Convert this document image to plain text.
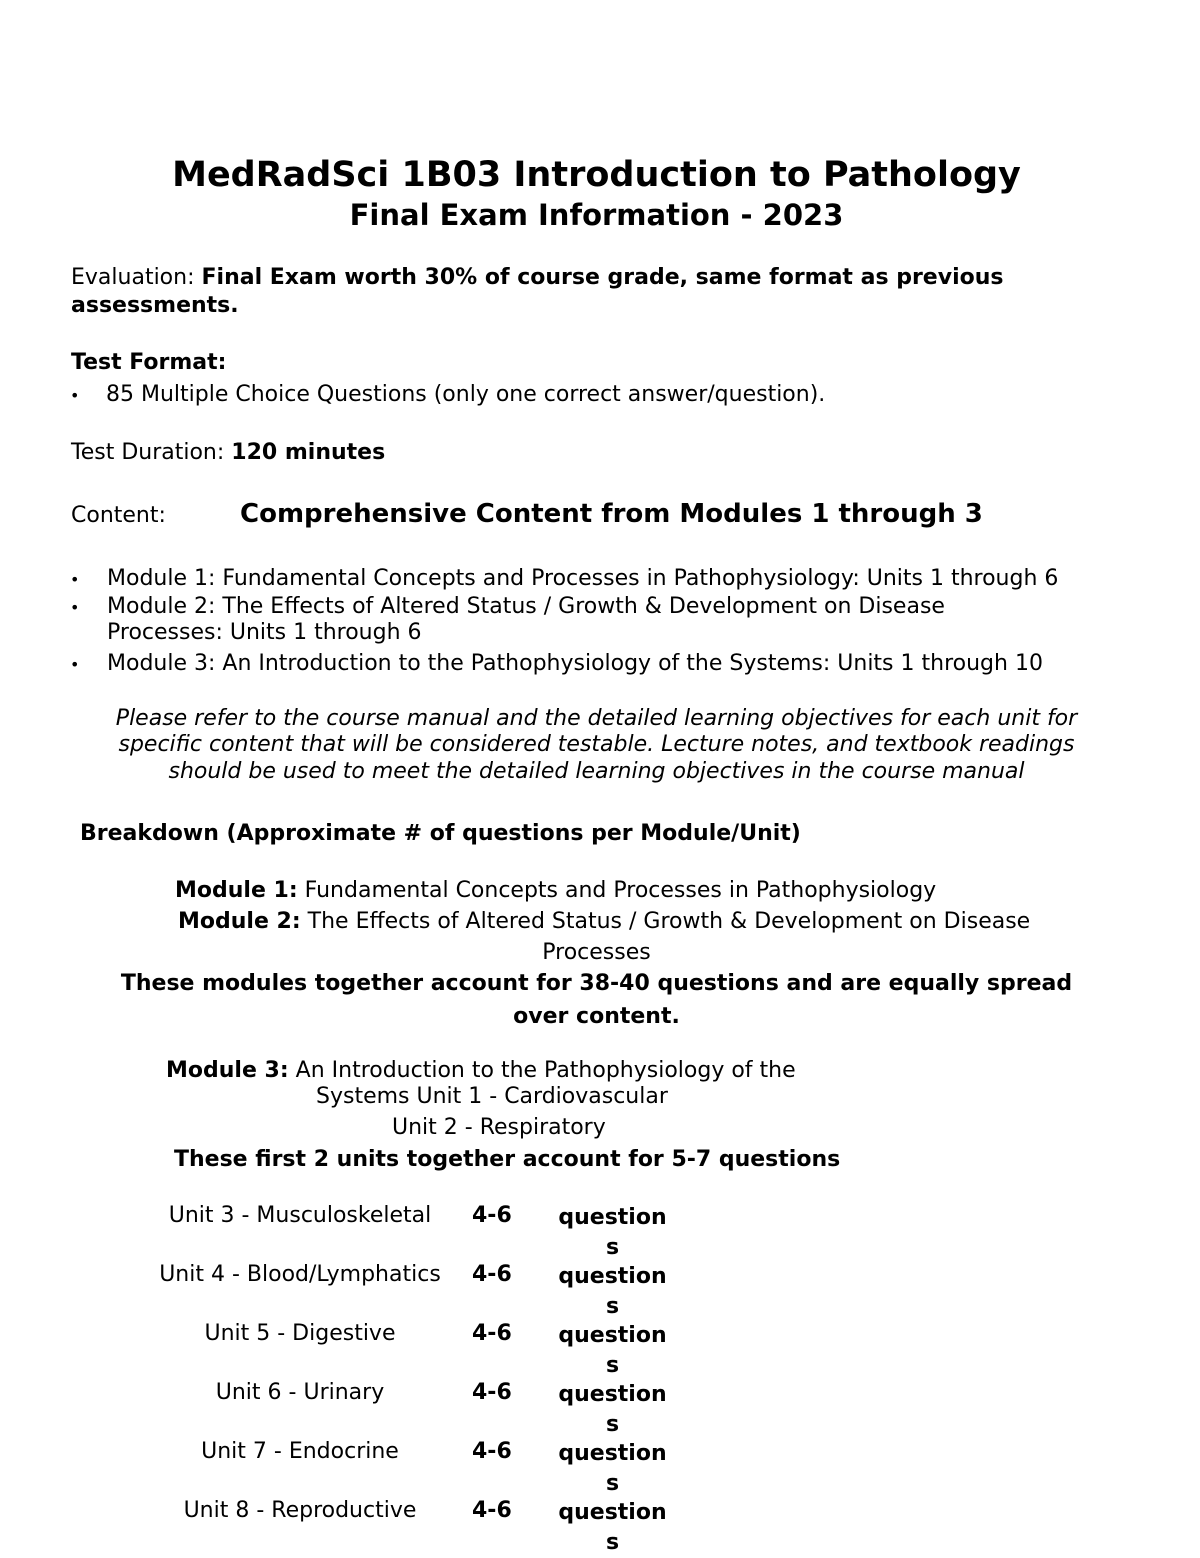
MedRadSci 1B03 Introduction to Pathology
Final Exam Information - 2023
Evaluation: Final Exam worth 30% of course grade, same format as previous
assessments.
Test Format:
• 85 Multiple Choice Questions (only one correct answer/question).
Test Duration: 120 minutes
Content:	Comprehensive Content from Modules 1 through 3
• Module 1: Fundamental Concepts and Processes in Pathophysiology: Units 1 through 6
• Module 2: The Effects of Altered Status / Growth & Development on Disease
Processes: Units 1 through 6
• Module 3: An Introduction to the Pathophysiology of the Systems: Units 1 through 10
Please refer to the course manual and the detailed learning objectives for each unit for
specific content that will be considered testable. Lecture notes, and textbook readings
should be used to meet the detailed learning objectives in the course manual
Breakdown (Approximate # of questions per Module/Unit)
Module 1: Fundamental Concepts and Processes in Pathophysiology
Module 2: The Effects of Altered Status / Growth & Development on Disease
Processes
These modules together account for 38-40 questions and are equally spread
over content.
Module 3: An Introduction to the Pathophysiology of the
Systems Unit 1 - Cardiovascular
Unit 2 - Respiratory
These first 2 units together account for 5-7 questions
Unit 3 - Musculoskeletal	4-6 questions
Unit 4 - Blood/Lymphatics	4-6 questions
Unit 5 - Digestive	4-6 questions
Unit 6 - Urinary	4-6 questions
Unit 7 - Endocrine	4-6 questions
Unit 8 - Reproductive	4-6 questions
